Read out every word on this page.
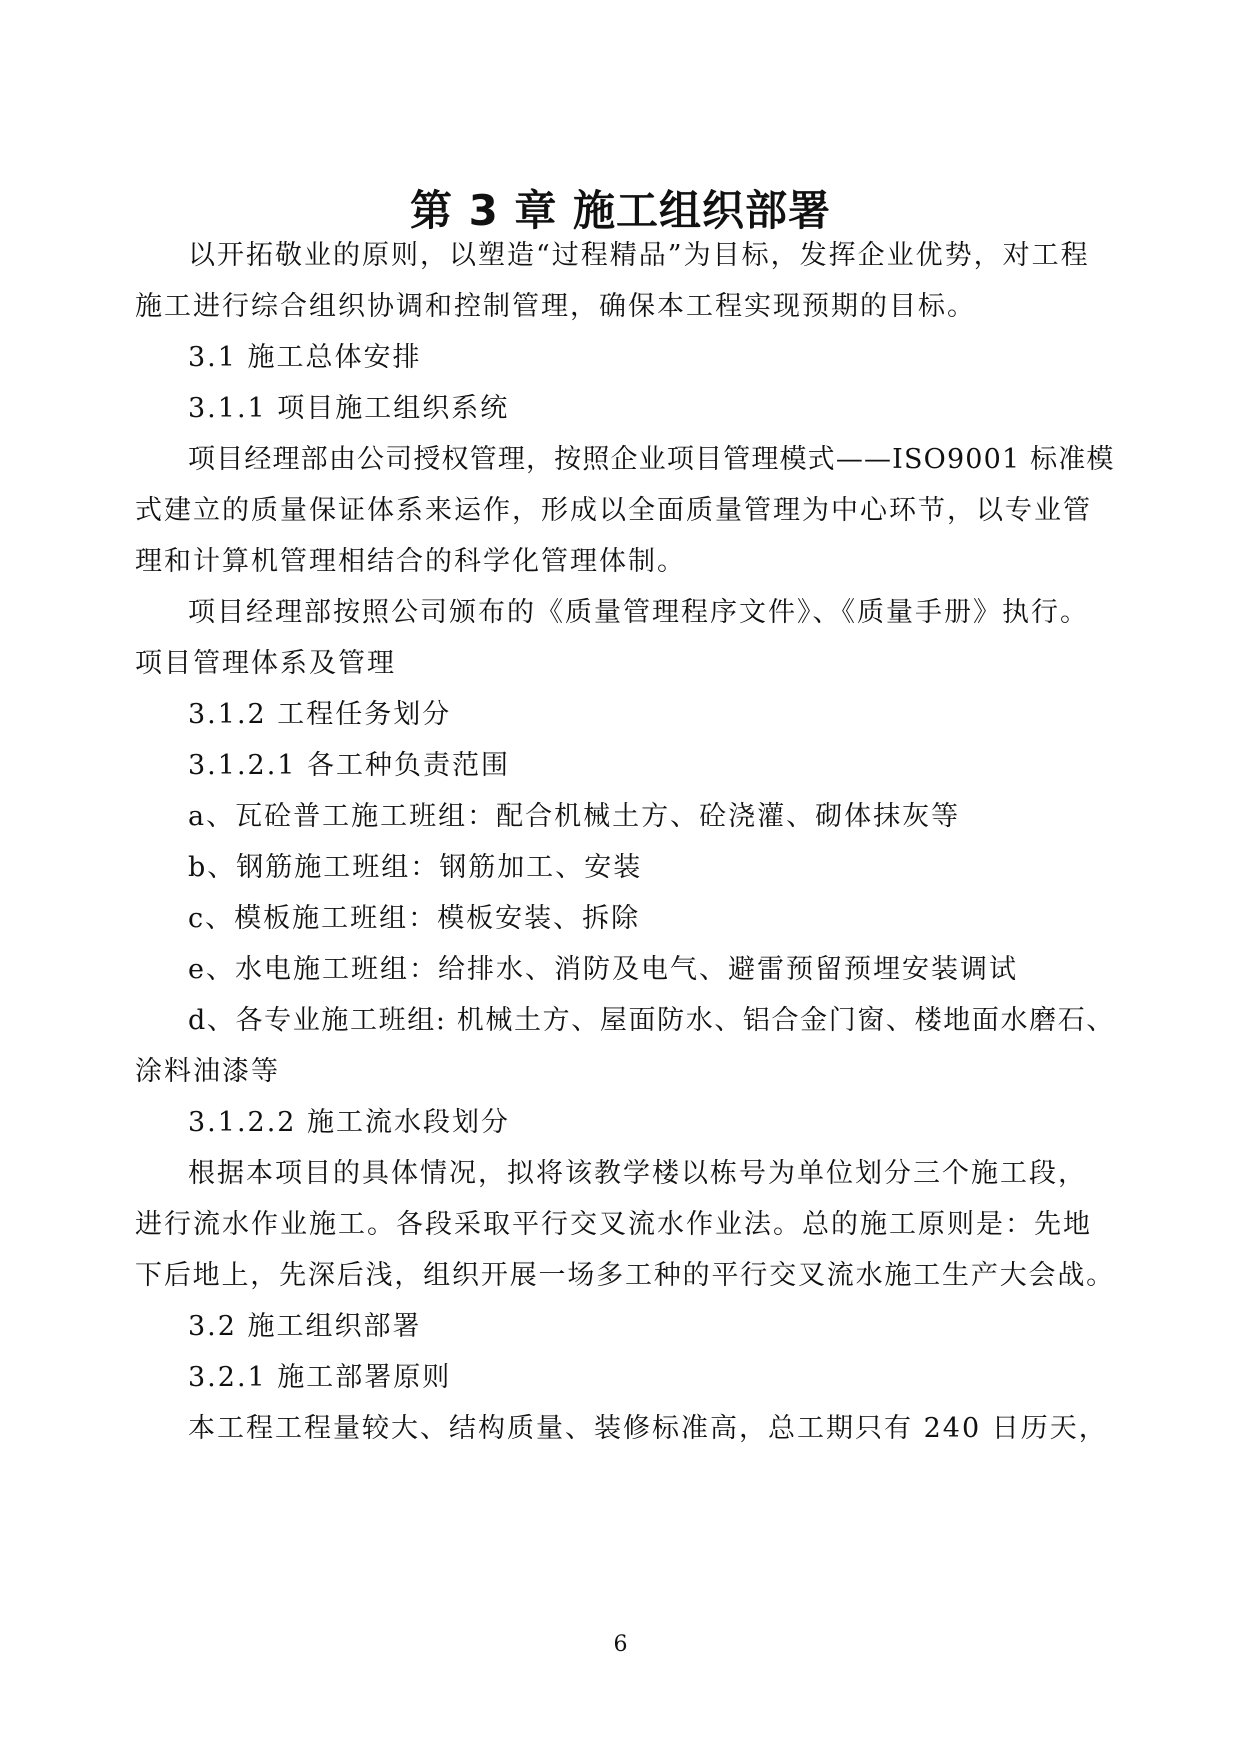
第 3 章 施工组织部署
以开拓敬业的原则，以塑造“过程精品”为目标，发挥企业优势，对工程
施工进行综合组织协调和控制管理，确保本工程实现预期的目标。
3.1 施工总体安排
3.1.1 项目施工组织系统
项目经理部由公司授权管理，按照企业项目管理模式——ISO9001 标准模
式建立的质量保证体系来运作，形成以全面质量管理为中心环节，以专业管
理和计算机管理相结合的科学化管理体制。
项目经理部按照公司颁布的《质量管理程序文件》、《质量手册》执行。
项目管理体系及管理
3.1.2 工程任务划分
3.1.2.1 各工种负责范围
a、瓦砼普工施工班组：配合机械土方、砼浇灌、砌体抹灰等
b、钢筋施工班组：钢筋加工、安装
c、模板施工班组：模板安装、拆除
e、水电施工班组：给排水、消防及电气、避雷预留预埋安装调试
d、各专业施工班组: 机械土方、屋面防水、铝合金门窗、楼地面水磨石、
涂料油漆等
3.1.2.2 施工流水段划分
根据本项目的具体情况，拟将该教学楼以栋号为单位划分三个施工段，
进行流水作业施工。各段采取平行交叉流水作业法。总的施工原则是：先地
下后地上，先深后浅，组织开展一场多工种的平行交叉流水施工生产大会战。
3.2 施工组织部署
3.2.1 施工部署原则
本工程工程量较大、结构质量、装修标准高，总工期只有 240 日历天，
6
